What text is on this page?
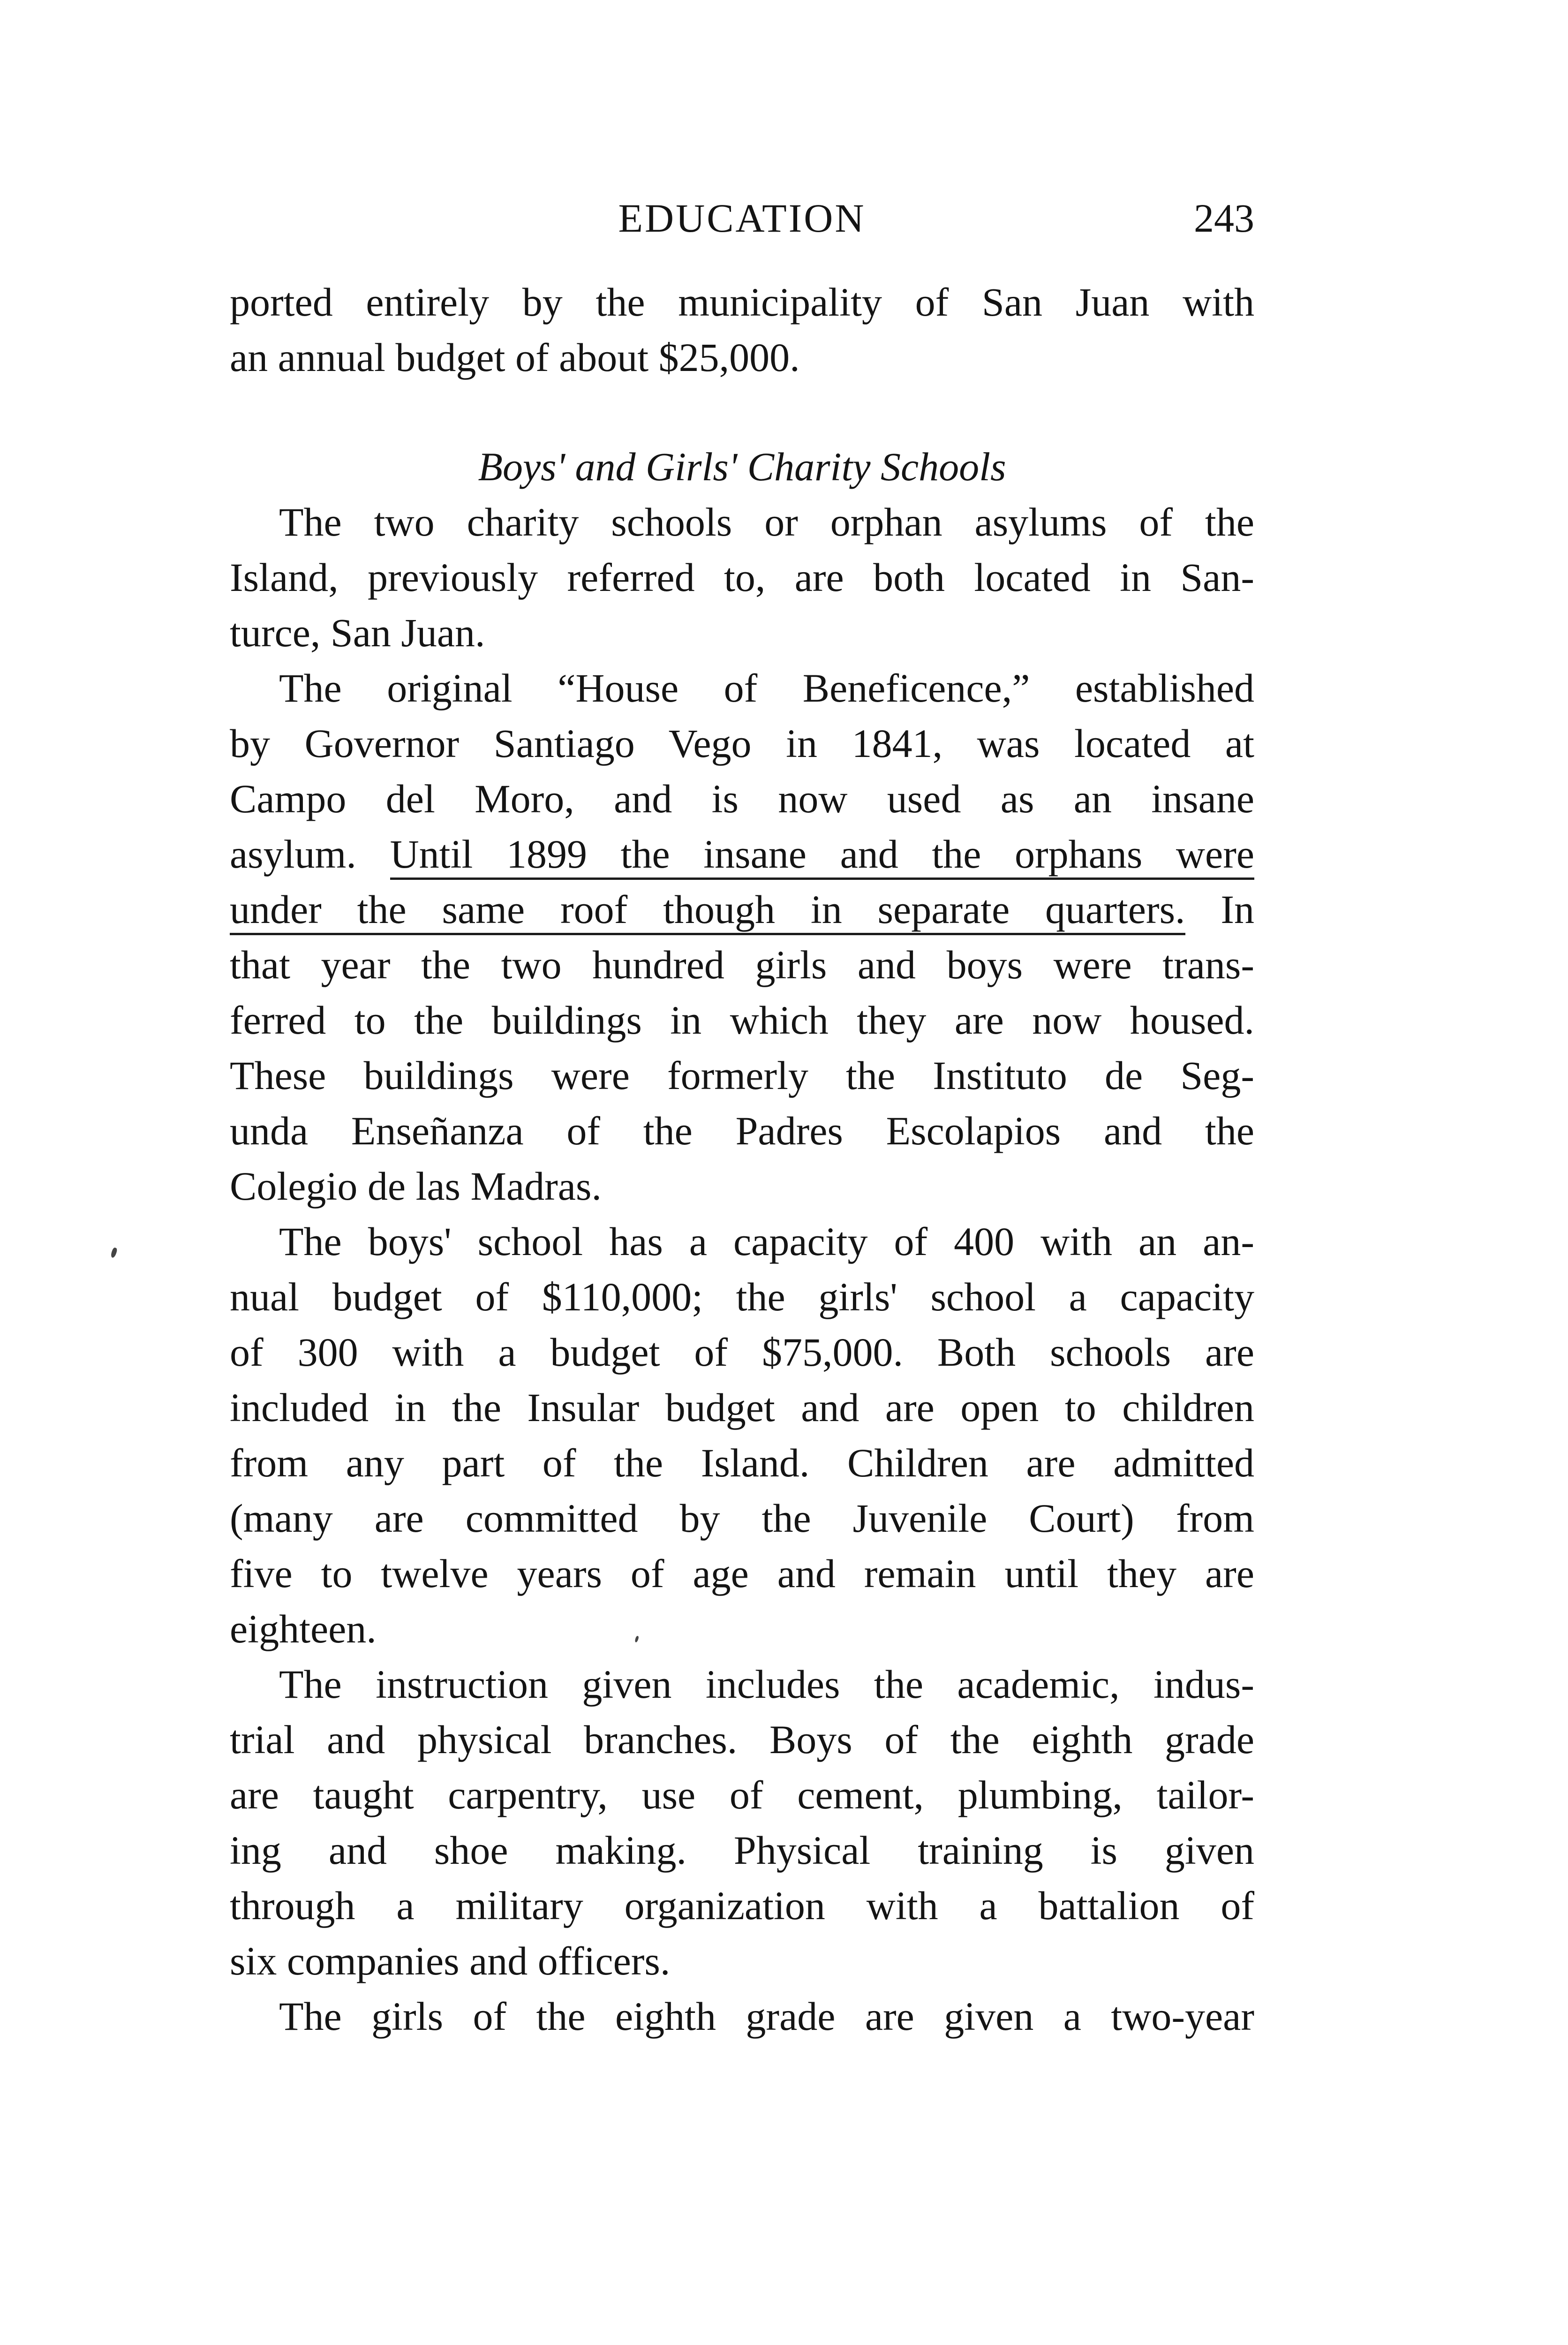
EDUCATION	243
ported entirely by the municipality of San Juan with
an annual budget of about $25,000.
Boys' and Girls' Charity Schools
The two charity schools or orphan asylums of the
Island, previously referred to, are both located in San-
turce, San Juan.
The original “House of Beneficence,” established
by Governor Santiago Vego in 1841, was located at
Campo del Moro, and is now used as an insane
asylum. Until 1899 the insane and the orphans were
under the same roof though in separate quarters. In
that year the two hundred girls and boys were trans-
ferred to the buildings in which they are now housed.
These buildings were formerly the Instituto de Seg-
unda Enseñanza of the Padres Escolapios and the
Colegio de las Madras.
The boys' school has a capacity of 400 with an an-
nual budget of $110,000; the girls' school a capacity
of 300 with a budget of $75,000. Both schools are
included in the Insular budget and are open to children
from any part of the Island. Children are admitted
(many are committed by the Juvenile Court) from
five to twelve years of age and remain until they are
eighteen.
The instruction given includes the academic, indus-
trial and physical branches. Boys of the eighth grade
are taught carpentry, use of cement, plumbing, tailor-
ing and shoe making. Physical training is given
through a military organization with a battalion of
six companies and officers.
The girls of the eighth grade are given a two-year
